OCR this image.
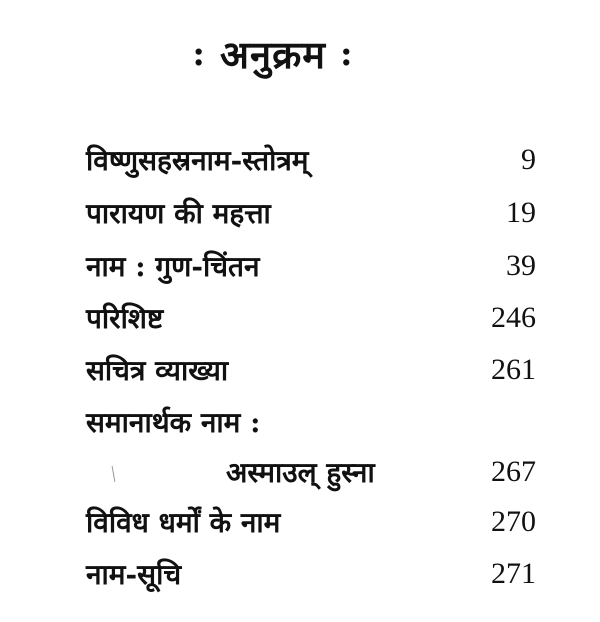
: अनुक्रम :
विष्णुसहस्रनाम-स्तोत्रम्	9
पारायण की महत्ता	19
नाम : गुण-चिंतन	39
परिशिष्ट	246
सचित्र व्याख्या	261
समानार्थक नाम :
अस्माउल् हुस्ना	267
विविध धर्मों के नाम	270
नाम-सूचि	271
